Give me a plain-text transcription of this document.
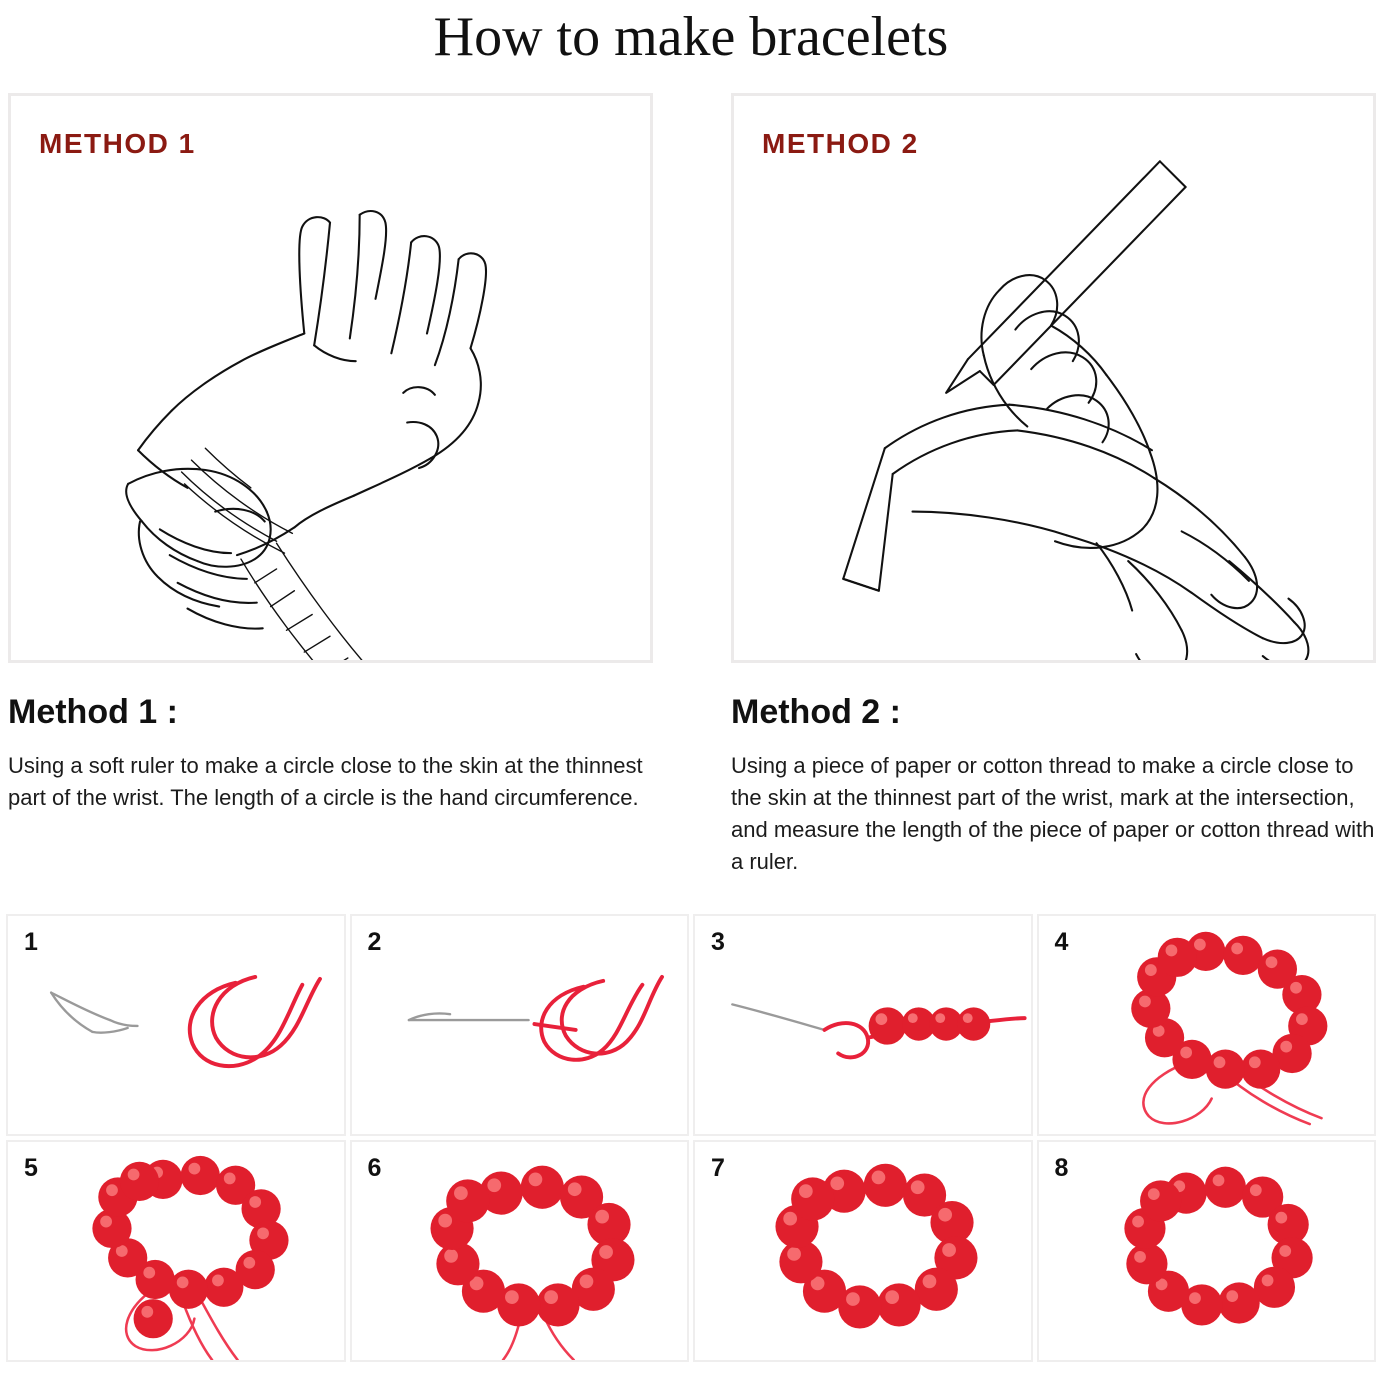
How to make bracelets
METHOD 1
Method 1 :

Using a soft ruler to make a circle close to the skin at the thinnest part of the wrist. The length of a circle is the hand circumference.

METHOD 2
Method 2 :

Using a piece of paper or cotton thread to make a circle close to the skin at the thinnest part of the wrist, mark at the intersection, and measure the length of the piece of paper or cotton thread with a ruler.

1	2	3	4
5	6	7	8
